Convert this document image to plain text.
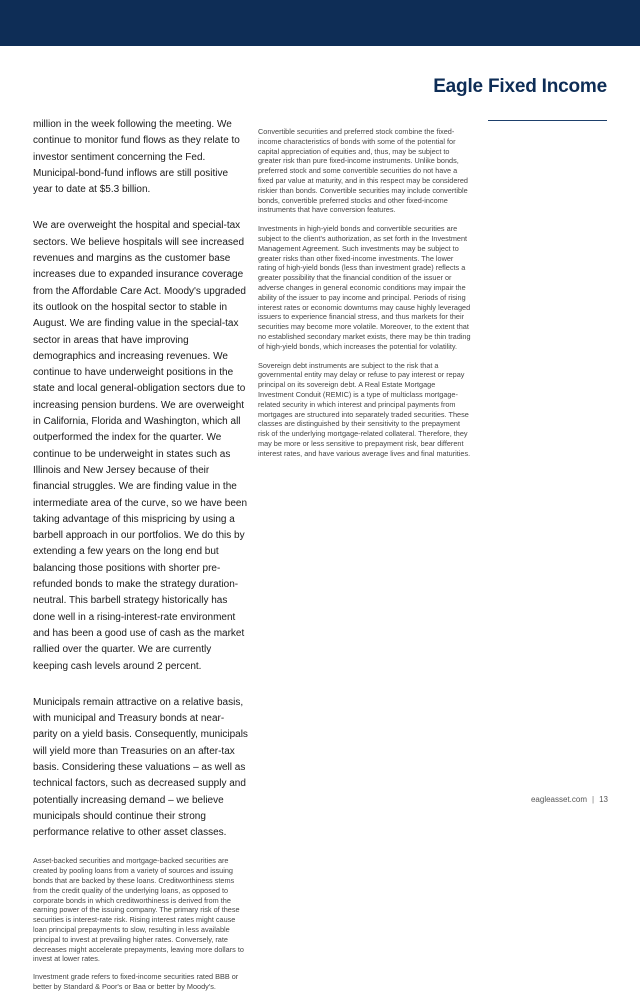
Eagle Fixed Income

million in the week following the meeting. We continue to monitor fund flows as they relate to investor sentiment concerning the Fed. Municipal-bond-fund inflows are still positive year to date at $5.3 billion.

We are overweight the hospital and special-tax sectors. We believe hospitals will see increased revenues and margins as the customer base increases due to expanded insurance coverage from the Affordable Care Act. Moody's upgraded its outlook on the hospital sector to stable in August. We are finding value in the special-tax sector in areas that have improving demographics and increasing revenues. We continue to have underweight positions in the state and local general-obligation sectors due to increasing pension burdens. We are overweight in California, Florida and Washington, which all outperformed the index for the quarter. We continue to be underweight in states such as Illinois and New Jersey because of their financial struggles. We are finding value in the intermediate area of the curve, so we have been taking advantage of this mispricing by using a barbell approach in our portfolios. We do this by extending a few years on the long end but balancing those positions with shorter pre-refunded bonds to make the strategy duration-neutral. This barbell strategy historically has done well in a rising-interest-rate environment and has been a good use of cash as the market rallied over the quarter. We are currently keeping cash levels around 2 percent.

Municipals remain attractive on a relative basis, with municipal and Treasury bonds at near-parity on a yield basis. Consequently, municipals will yield more than Treasuries on an after-tax basis. Considering these valuations – as well as technical factors, such as decreased supply and potentially increasing demand – we believe municipals should continue their strong performance relative to other asset classes.

Asset-backed securities and mortgage-backed securities are created by pooling loans from a variety of sources and issuing bonds that are backed by these loans. Creditworthiness stems from the credit quality of the underlying loans, as opposed to corporate bonds in which creditworthiness is derived from the earning power of the issuing company. The primary risk of these securities is interest-rate risk. Rising interest rates might cause loan principal prepayments to slow, resulting in less available principal to invest at prevailing higher rates. Conversely, rate decreases might accelerate prepayments, leaving more dollars to invest at lower rates.

Investment grade refers to fixed-income securities rated BBB or better by Standard & Poor's or Baa or better by Moody's.

Convertible securities and preferred stock combine the fixed-income characteristics of bonds with some of the potential for capital appreciation of equities and, thus, may be subject to greater risk than pure fixed-income instruments. Unlike bonds, preferred stock and some convertible securities do not have a fixed par value at maturity, and in this respect may be considered riskier than bonds. Convertible securities may include convertible bonds, convertible preferred stocks and other fixed-income instruments that have conversion features.

Investments in high-yield bonds and convertible securities are subject to the client's authorization, as set forth in the Investment Management Agreement. Such investments may be subject to greater risks than other fixed-income investments. The lower rating of high-yield bonds (less than investment grade) reflects a greater possibility that the financial condition of the issuer or adverse changes in general economic conditions may impair the ability of the issuer to pay income and principal. Periods of rising interest rates or economic downturns may cause highly leveraged issuers to experience financial stress, and thus markets for their securities may become more volatile. Moreover, to the extent that no established secondary market exists, there may be thin trading of high-yield bonds, which increases the potential for volatility.

Sovereign debt instruments are subject to the risk that a governmental entity may delay or refuse to pay interest or repay principal on its sovereign debt. A Real Estate Mortgage Investment Conduit (REMIC) is a type of multiclass mortgage-related security in which interest and principal payments from mortgages are structured into separately traded securities. These classes are distinguished by their sensitivity to the prepayment risk of the underlying mortgage-related collateral. Therefore, they may be more or less sensitive to prepayment risk, bear different interest rates, and have various average lives and final maturities.

eagleasset.com | 13
